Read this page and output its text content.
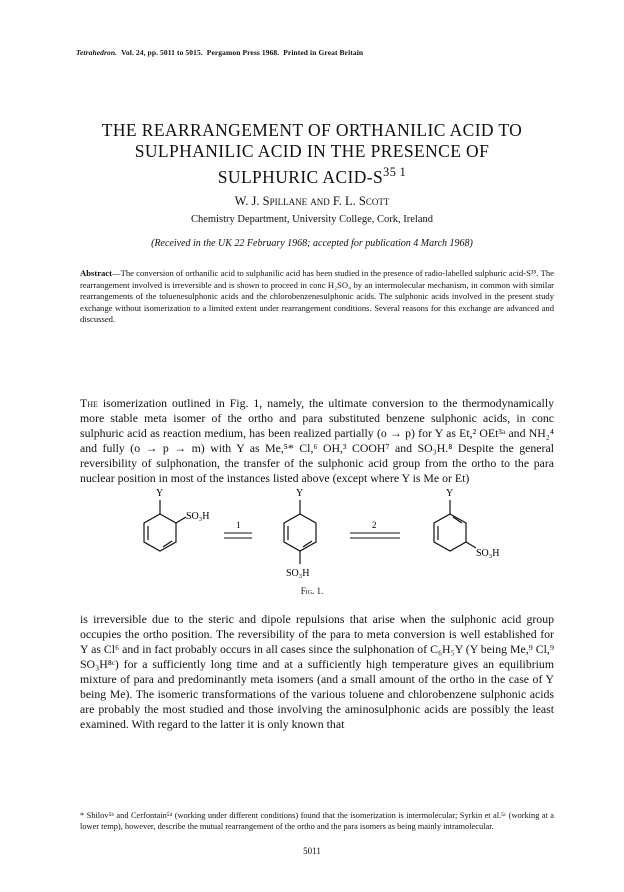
Tetrahedron. Vol. 24, pp. 5011 to 5015. Pergamon Press 1968. Printed in Great Britain
THE REARRANGEMENT OF ORTHANILIC ACID TO
SULPHANILIC ACID IN THE PRESENCE OF
SULPHURIC ACID-$S^{35 1}$
W. J. Spillane and F. L. Scott
Chemistry Department, University College, Cork, Ireland
(Received in the UK 22 February 1968; accepted for publication 4 March 1968)
Abstract—The conversion of orthanilic acid to sulphanilic acid has been studied in the presence of radio-labelled sulphuric acid-S³⁵. The rearrangement involved is irreversible and is shown to proceed in conc H₂SO₄ by an intermolecular mechanism, in common with similar rearrangements of the toluenesulphonic acids and the chlorobenzenesulphonic acids. The sulphonic acids involved in the present study exchange without isomerization to a limited extent under rearrangement conditions. Several reasons for this exchange are advanced and discussed.
The isomerization outlined in Fig. 1, namely, the ultimate conversion to the thermodynamically more stable meta isomer of the ortho and para substituted benzene sulphonic acids, in conc sulphuric acid as reaction medium, has been realized partially (o → p) for Y as Et,² OEt³ᵃ and NH₂⁴ and fully (o → p → m) with Y as Me,⁵* Cl,⁶ OH,³ COOH⁷ and SO₃H.⁸ Despite the general reversibility of sulphonation, the transfer of the sulphonic acid group from the ortho to the para nuclear position in most of the instances listed above (except where Y is Me or Et)
Y
SO₃H
1
Y
SO₃H
2
Y
SO₃H
Fig. 1.
is irreversible due to the steric and dipole repulsions that arise when the sulphonic acid group occupies the ortho position. The reversibility of the para to meta conversion is well established for Y as Cl⁶ and in fact probably occurs in all cases since the sulphonation of C₆H₅Y (Y being Me,⁹ Cl,⁹ SO₃H⁸ᶜ) for a sufficiently long time and at a sufficiently high temperature gives an equilibrium mixture of para and predominantly meta isomers (and a small amount of the ortho in the case of Y being Me). The isomeric transformations of the various toluene and chlorobenzene sulphonic acids are probably the most studied and those involving the aminosulphonic acids are possibly the least examined. With regard to the latter it is only known that
* Shilov⁵ᵇ and Cerfontain⁵ᵈ (working under different conditions) found that the isomerization is intermolecular; Syrkin et al.⁵ᶜ (working at a lower temp), however, describe the mutual rearrangement of the ortho and the para isomers as being mainly intramolecular.
5011
